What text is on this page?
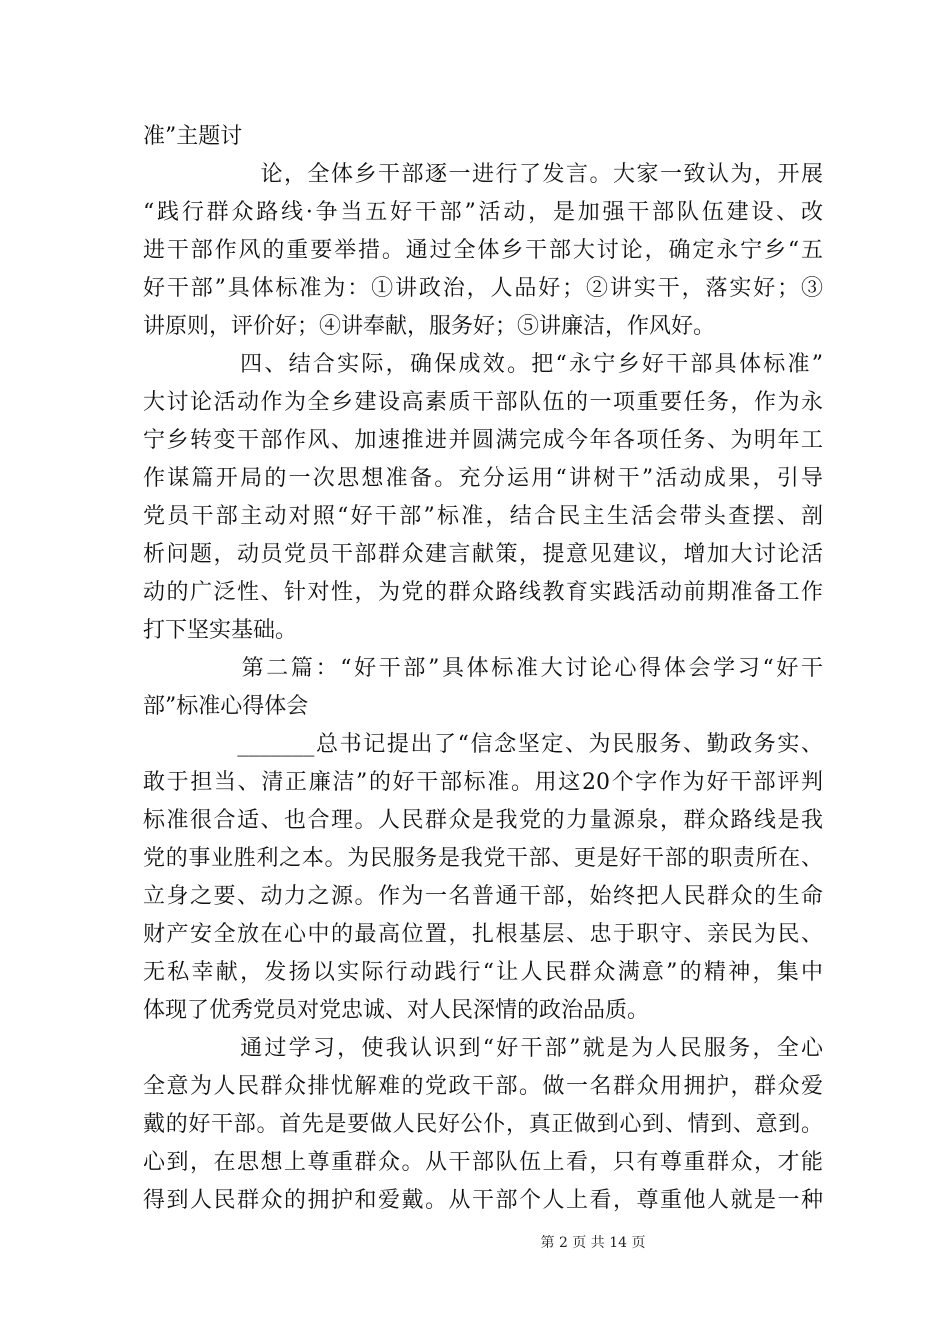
准”主题讨
　　　　　论，全体乡干部逐一进行了发言。大家一致认为，开展
“践行群众路线·争当五好干部”活动，是加强干部队伍建设、改
进干部作风的重要举措。通过全体乡干部大讨论，确定永宁乡“五
好干部”具体标准为：①讲政治，人品好；②讲实干，落实好；③
讲原则，评价好；④讲奉献，服务好；⑤讲廉洁，作风好。
　　　　四、结合实际，确保成效。把“永宁乡好干部具体标准”
大讨论活动作为全乡建设高素质干部队伍的一项重要任务，作为永
宁乡转变干部作风、加速推进并圆满完成今年各项任务、为明年工
作谋篇开局的一次思想准备。充分运用“讲树干”活动成果，引导
党员干部主动对照“好干部”标准，结合民主生活会带头查摆、剖
析问题，动员党员干部群众建言献策，提意见建议，增加大讨论活
动的广泛性、针对性，为党的群众路线教育实践活动前期准备工作
打下坚实基础。
　　　　第二篇：“好干部”具体标准大讨论心得体会学习“好干
部”标准心得体会
　　　　_______总书记提出了“信念坚定、为民服务、勤政务实、
敢于担当、清正廉洁”的好干部标准。用这20个字作为好干部评判
标准很合适、也合理。人民群众是我党的力量源泉，群众路线是我
党的事业胜利之本。为民服务是我党干部、更是好干部的职责所在、
立身之要、动力之源。作为一名普通干部，始终把人民群众的生命
财产安全放在心中的最高位置，扎根基层、忠于职守、亲民为民、
无私幸献，发扬以实际行动践行“让人民群众满意”的精神，集中
体现了优秀党员对党忠诚、对人民深情的政治品质。
　　　　通过学习，使我认识到“好干部”就是为人民服务，全心
全意为人民群众排忧解难的党政干部。做一名群众用拥护，群众爱
戴的好干部。首先是要做人民好公仆，真正做到心到、情到、意到。
心到，在思想上尊重群众。从干部队伍上看，只有尊重群众，才能
得到人民群众的拥护和爱戴。从干部个人上看，尊重他人就是一种
第 2 页 共 14 页
